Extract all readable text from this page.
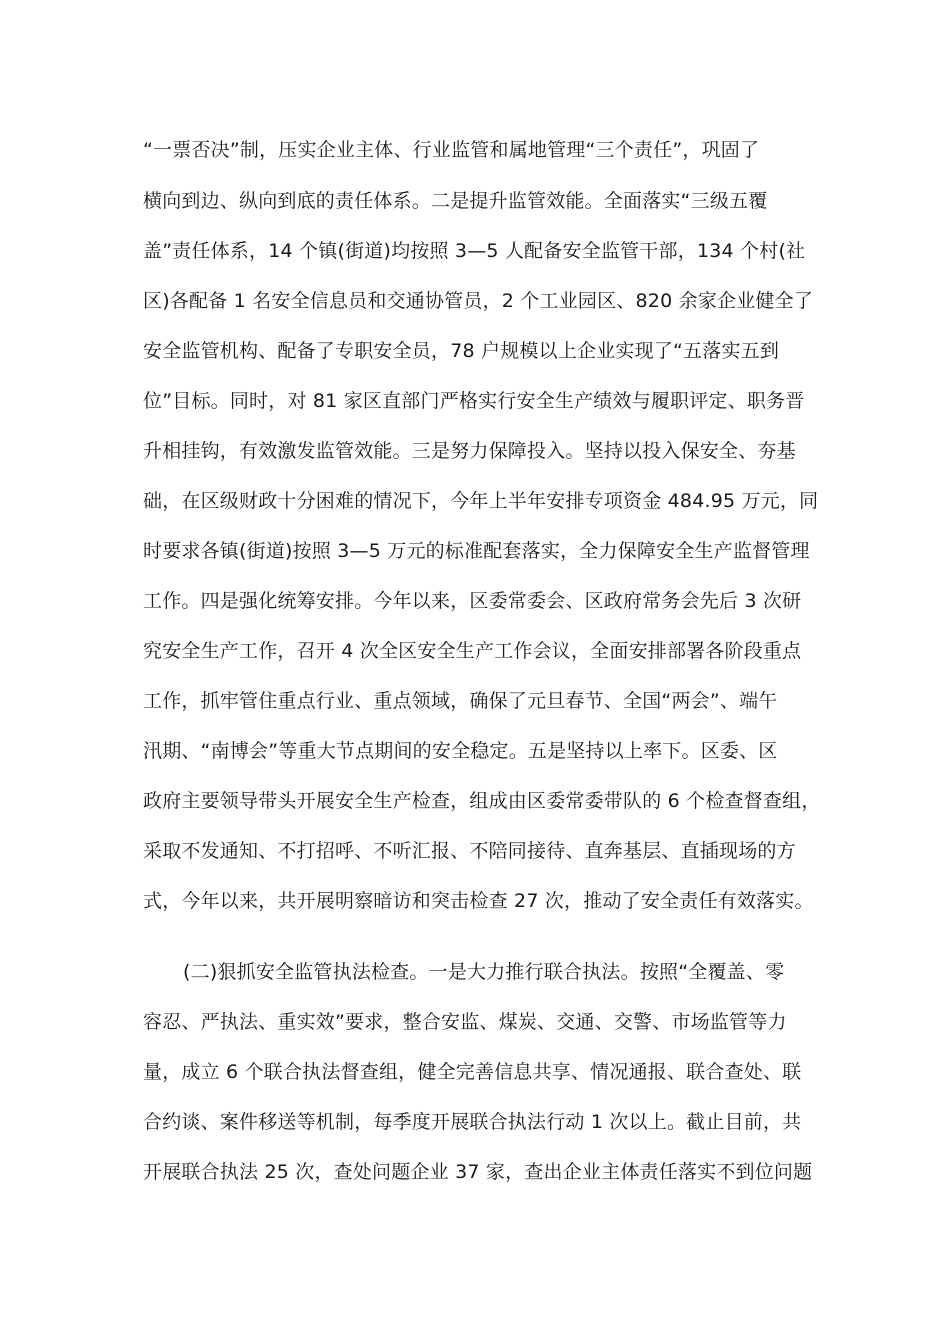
“一票否决”制，压实企业主体、行业监管和属地管理“三个责任”，巩固了
横向到边、纵向到底的责任体系。二是提升监管效能。全面落实“三级五覆
盖”责任体系，14 个镇(街道)均按照 3—5 人配备安全监管干部，134 个村(社
区)各配备 1 名安全信息员和交通协管员，2 个工业园区、820 余家企业健全了
安全监管机构、配备了专职安全员，78 户规模以上企业实现了“五落实五到
位”目标。同时，对 81 家区直部门严格实行安全生产绩效与履职评定、职务晋
升相挂钩，有效激发监管效能。三是努力保障投入。坚持以投入保安全、夯基
础，在区级财政十分困难的情况下，今年上半年安排专项资金 484.95 万元，同
时要求各镇(街道)按照 3—5 万元的标准配套落实，全力保障安全生产监督管理
工作。四是强化统筹安排。今年以来，区委常委会、区政府常务会先后 3 次研
究安全生产工作，召开 4 次全区安全生产工作会议，全面安排部署各阶段重点
工作，抓牢管住重点行业、重点领域，确保了元旦春节、全国“两会”、端午
汛期、“南博会”等重大节点期间的安全稳定。五是坚持以上率下。区委、区
政府主要领导带头开展安全生产检查，组成由区委常委带队的 6 个检查督查组，
采取不发通知、不打招呼、不听汇报、不陪同接待、直奔基层、直插现场的方
式，今年以来，共开展明察暗访和突击检查 27 次，推动了安全责任有效落实。
(二)狠抓安全监管执法检查。一是大力推行联合执法。按照“全覆盖、零
容忍、严执法、重实效”要求，整合安监、煤炭、交通、交警、市场监管等力
量，成立 6 个联合执法督查组，健全完善信息共享、情况通报、联合查处、联
合约谈、案件移送等机制，每季度开展联合执法行动 1 次以上。截止目前，共
开展联合执法 25 次，查处问题企业 37 家，查出企业主体责任落实不到位问题
